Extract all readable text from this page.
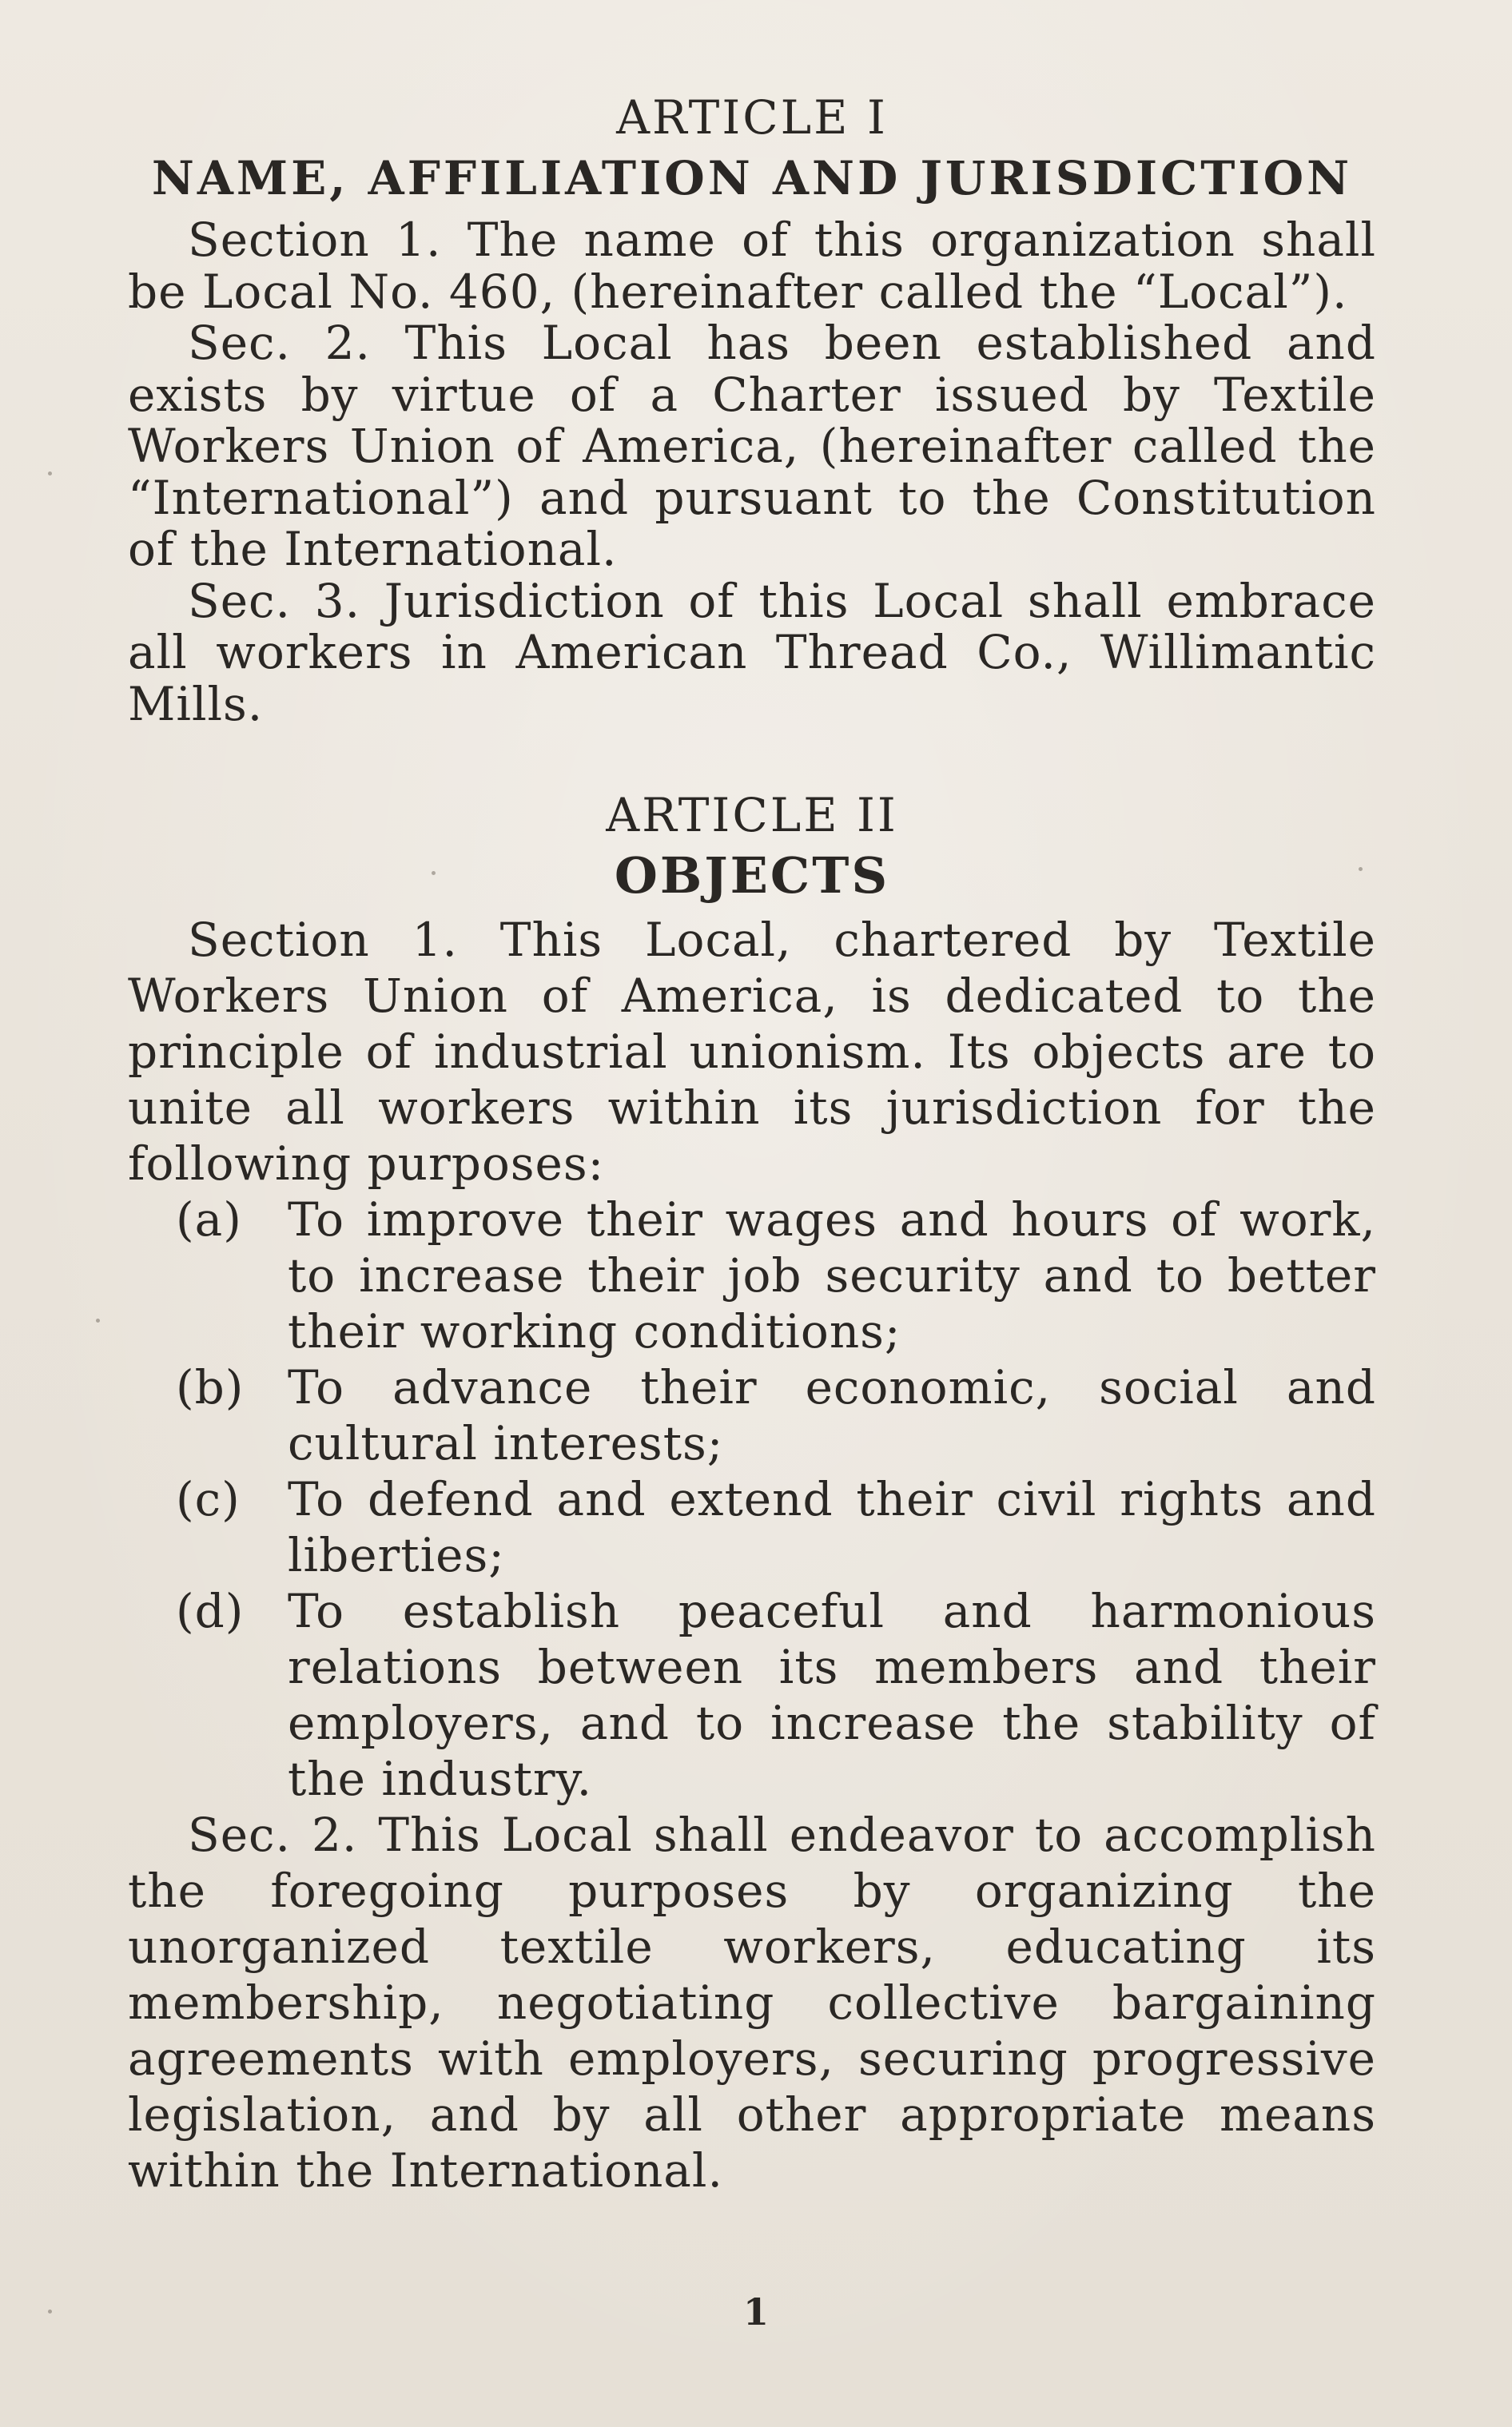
ARTICLE I
NAME, AFFILIATION AND JURISDICTION

Section 1. The name of this organization shall be Local No. 460, (hereinafter called the “Local”).

Sec. 2. This Local has been established and exists by virtue of a Charter issued by Textile Workers Union of America, (hereinafter called the “International”) and pursuant to the Constitution of the International.

Sec. 3. Jurisdiction of this Local shall embrace all workers in American Thread Co., Willimantic Mills.

ARTICLE II
OBJECTS

Section 1. This Local, chartered by Textile Workers Union of America, is dedicated to the principle of industrial unionism. Its objects are to unite all workers within its jurisdiction for the following purposes:

(a) To improve their wages and hours of work, to increase their job security and to better their working conditions;
(b) To advance their economic, social and cultural interests;
(c)	To defend and extend their civil rights and liberties;
(d) To establish peaceful and harmonious relations between its members and their employers, and to increase the stability of the industry.

Sec. 2. This Local shall endeavor to accomplish the foregoing purposes by organizing the unorganized textile workers, educating its membership, negotiating collective bargaining agreements with employers, securing progressive legislation, and by all other appropriate means within the International.

1
